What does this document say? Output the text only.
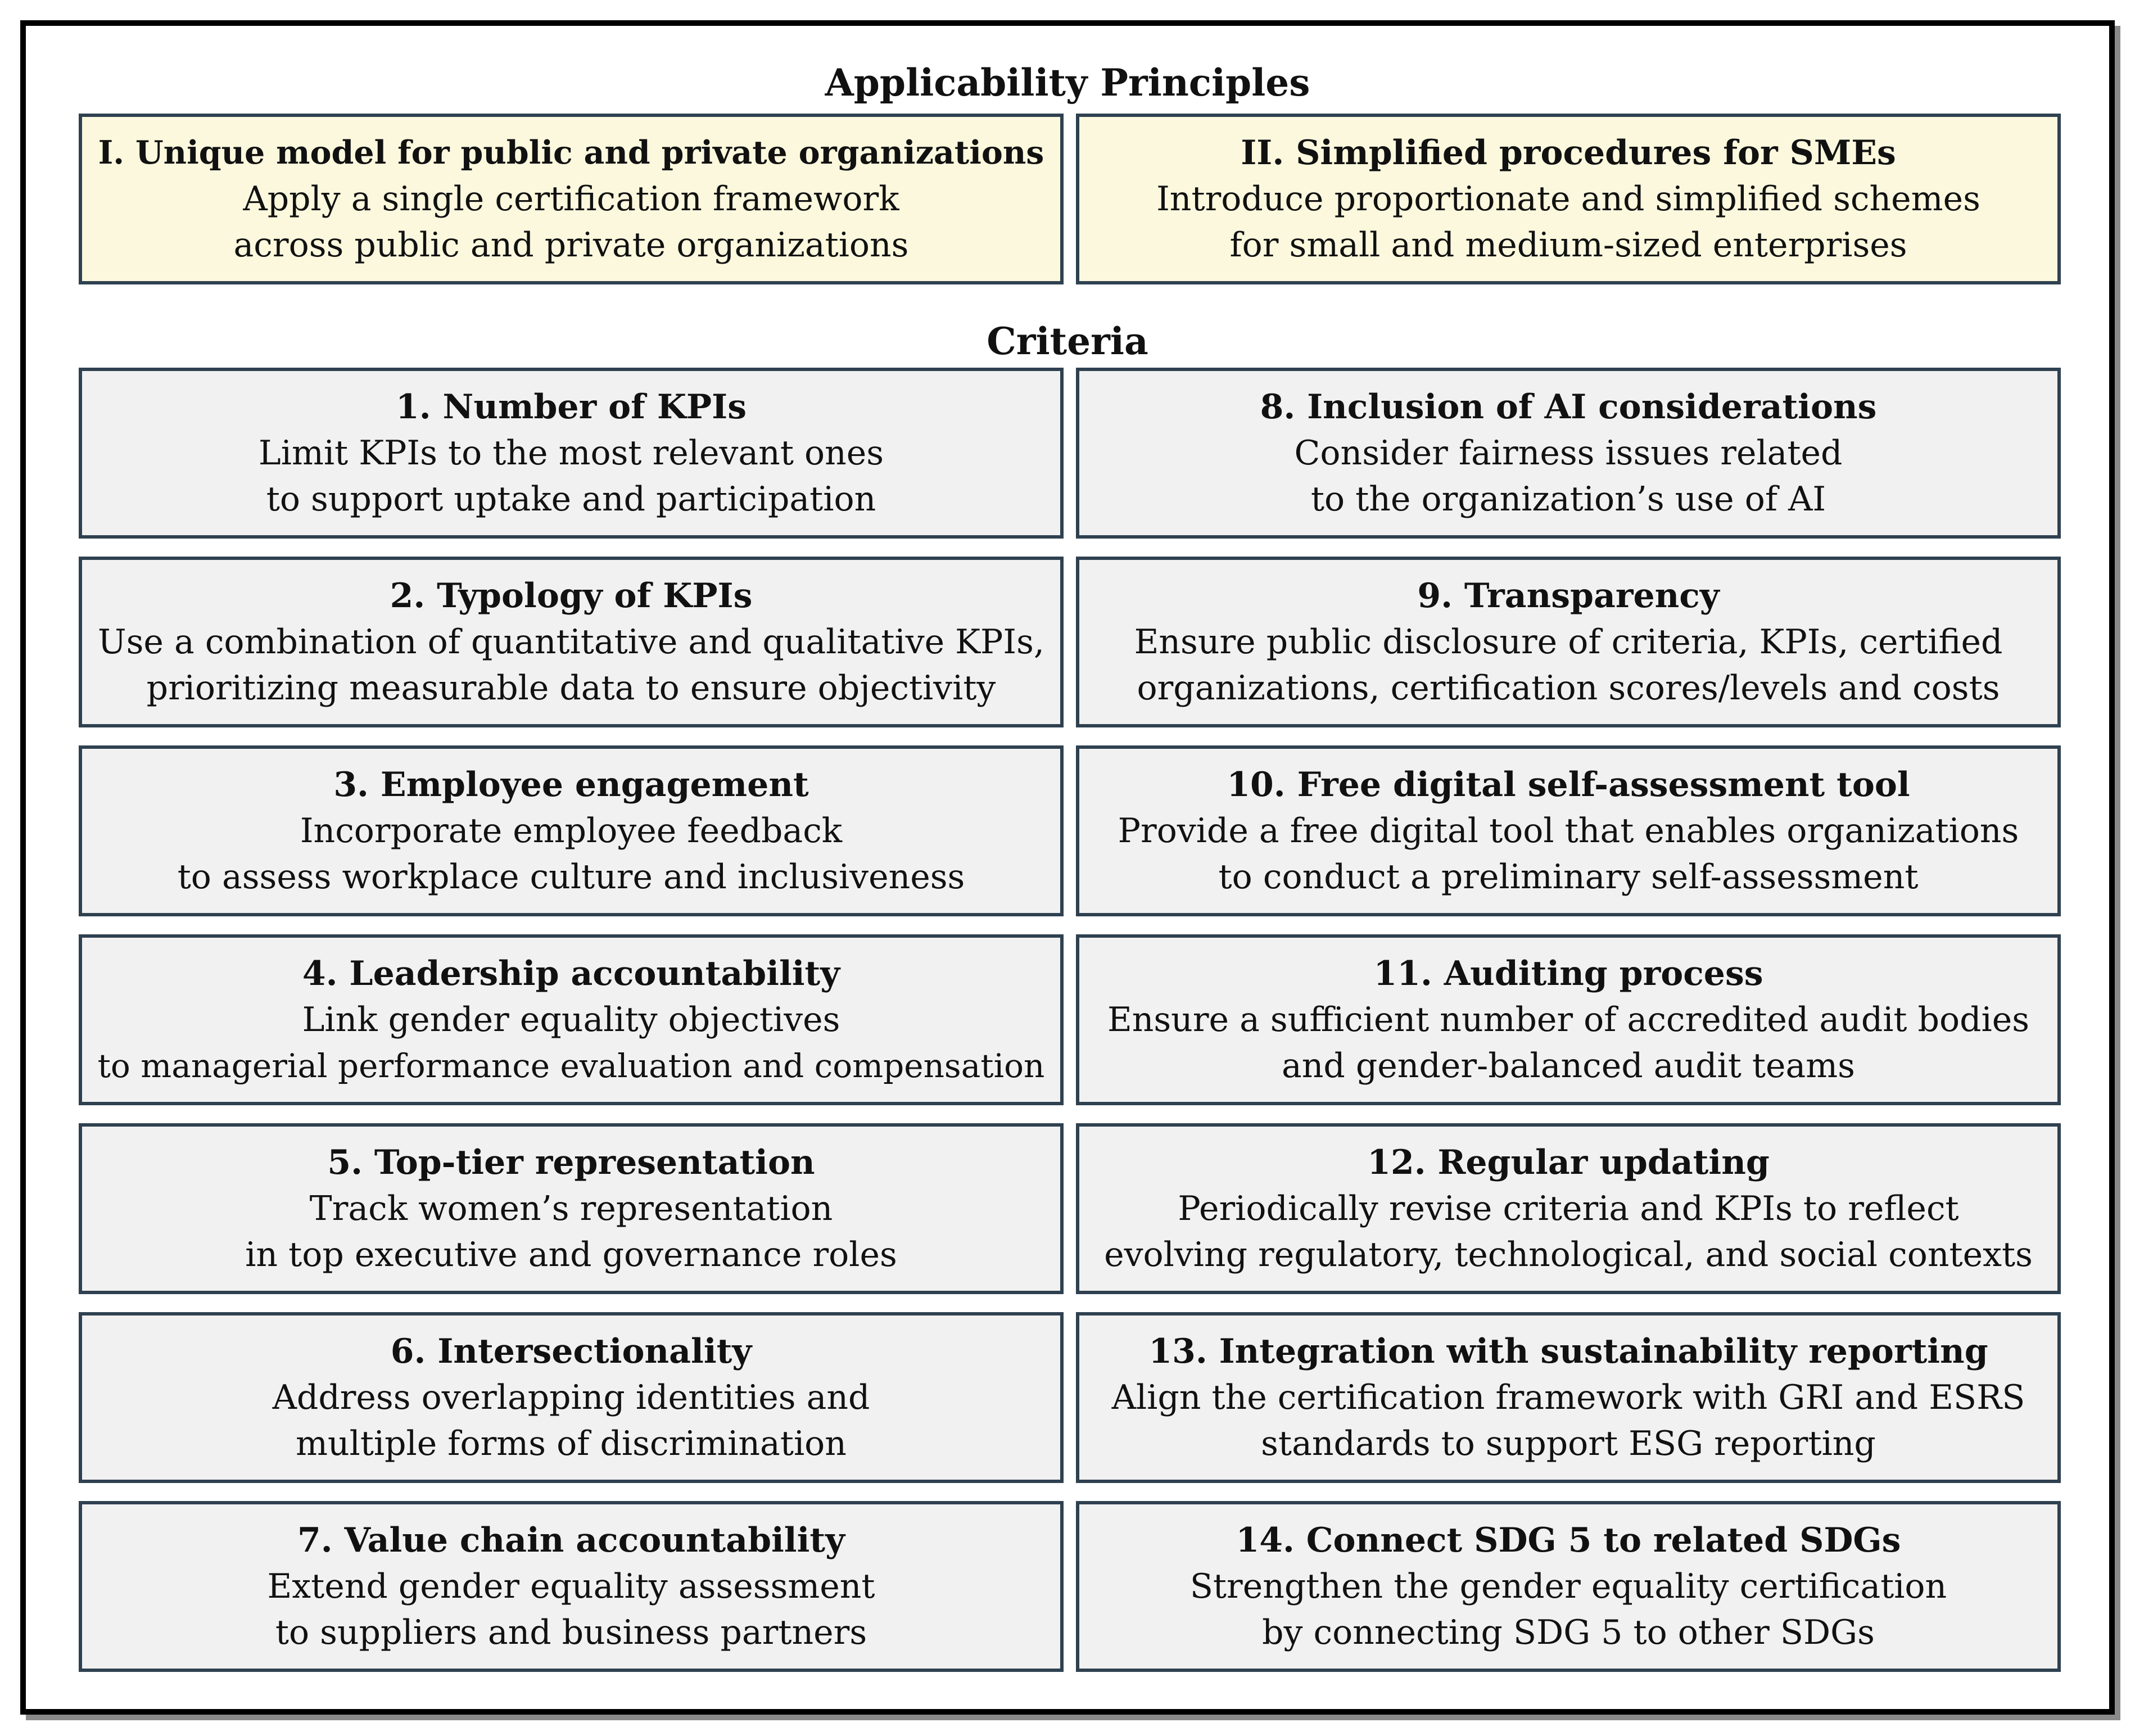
Applicability Principles
Criteria
I. Unique model for public and private organizations
Apply a single certification framework
across public and private organizations
II. Simplified procedures for SMEs
Introduce proportionate and simplified schemes
for small and medium-sized enterprises
1. Number of KPIs
Limit KPIs to the most relevant ones
to support uptake and participation
2. Typology of KPIs
Use a combination of quantitative and qualitative KPIs,
prioritizing measurable data to ensure objectivity
3. Employee engagement
Incorporate employee feedback
to assess workplace culture and inclusiveness
4. Leadership accountability
Link gender equality objectives
to managerial performance evaluation and compensation
5. Top-tier representation
Track women’s representation
in top executive and governance roles
6. Intersectionality
Address overlapping identities and
multiple forms of discrimination
7. Value chain accountability
Extend gender equality assessment
to suppliers and business partners
8. Inclusion of AI considerations
Consider fairness issues related
to the organization’s use of AI
9. Transparency
Ensure public disclosure of criteria, KPIs, certified
organizations, certification scores/levels and costs
10. Free digital self-assessment tool
Provide a free digital tool that enables organizations
to conduct a preliminary self-assessment
11. Auditing process
Ensure a sufficient number of accredited audit bodies
and gender-balanced audit teams
12. Regular updating
Periodically revise criteria and KPIs to reflect
evolving regulatory, technological, and social contexts
13. Integration with sustainability reporting
Align the certification framework with GRI and ESRS
standards to support ESG reporting
14. Connect SDG 5 to related SDGs
Strengthen the gender equality certification
by connecting SDG 5 to other SDGs
